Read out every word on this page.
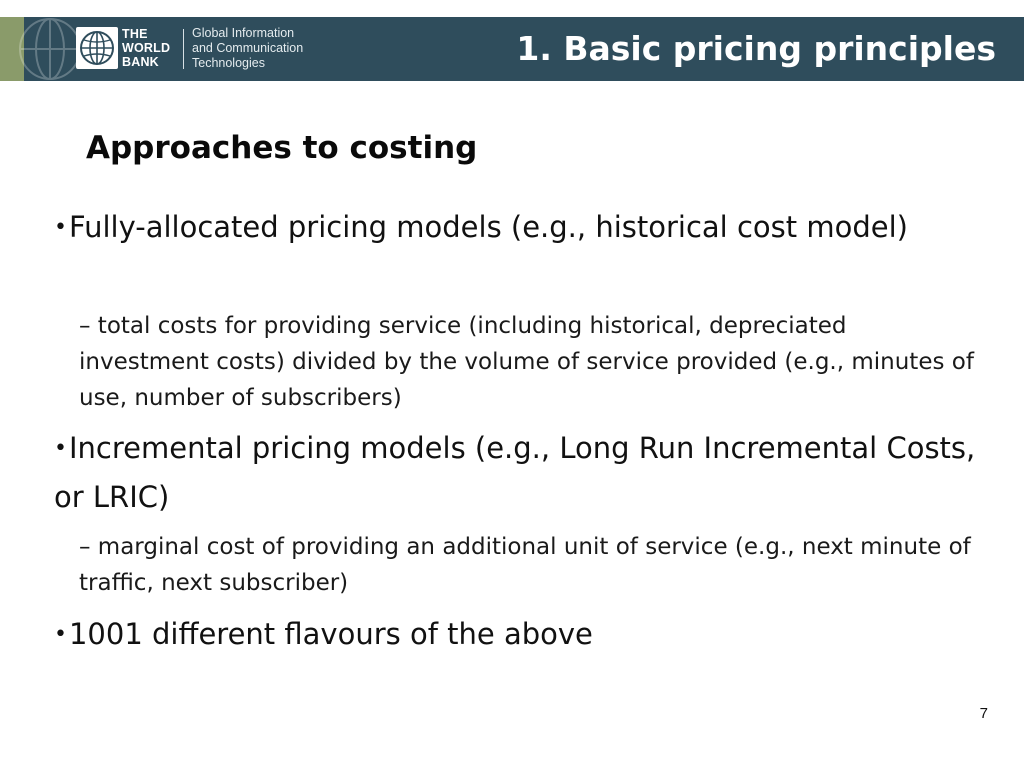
THE
WORLD
BANK
Global Information
and Communication
Technologies	1. Basic pricing principles
Approaches to costing
•Fully-allocated pricing models (e.g., historical cost model)
– total costs for providing service (including historical, depreciated investment costs) divided by the volume of service provided (e.g., minutes of use, number of subscribers)
•Incremental pricing models (e.g., Long Run Incremental Costs, or LRIC)
– marginal cost of providing an additional unit of service (e.g., next minute of traffic, next subscriber)
•1001 different flavours of the above
7
